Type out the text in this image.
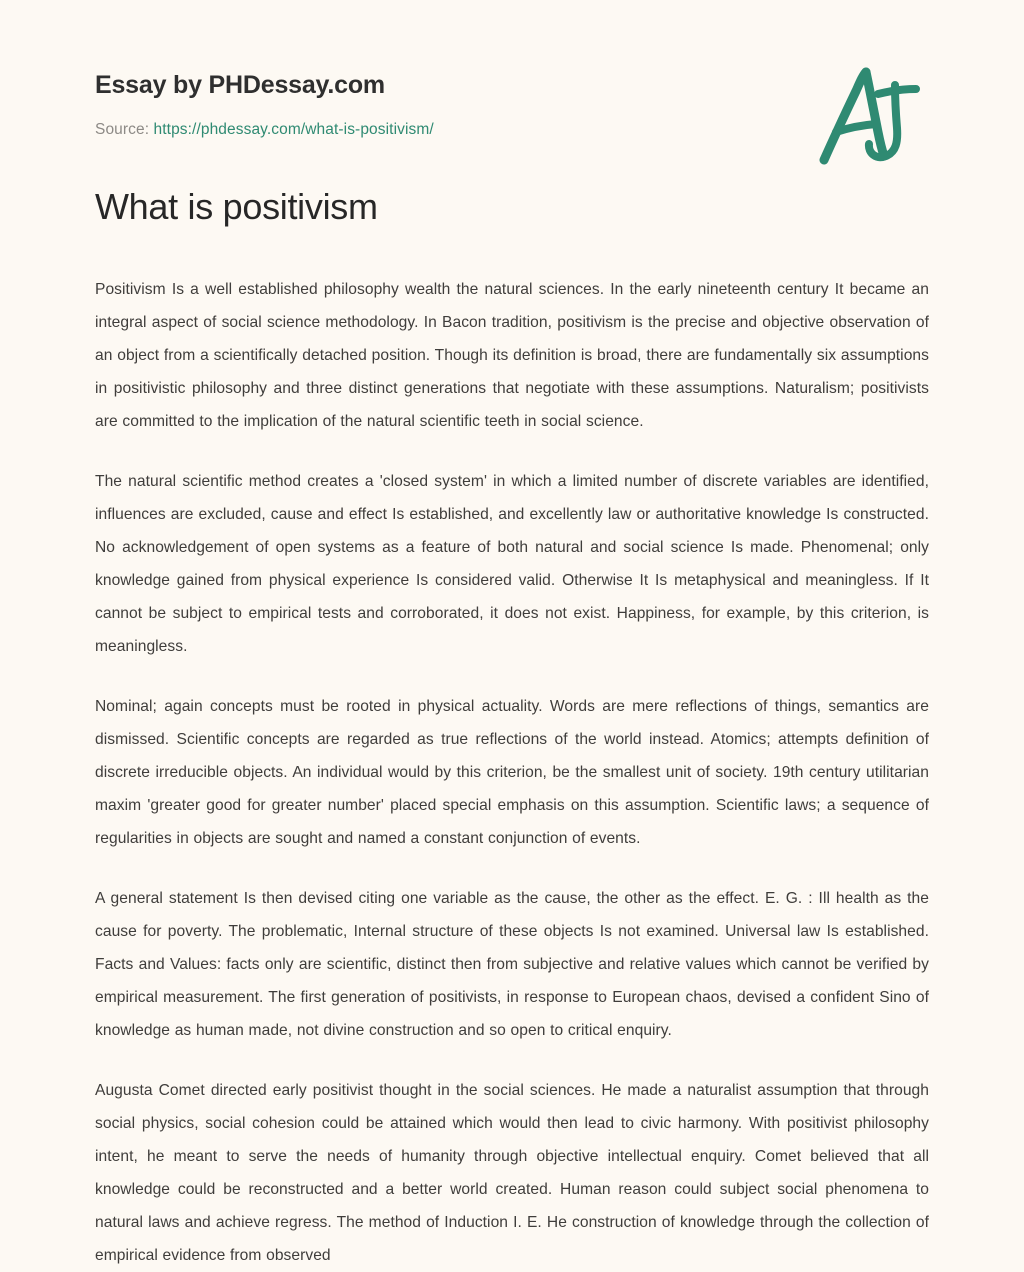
Essay by PHDessay.com
Source: https://phdessay.com/what-is-positivism/
What is positivism

Positivism Is a well established philosophy wealth the natural sciences. In the early nineteenth century It became an integral aspect of social science methodology. In Bacon tradition, positivism is the precise and objective observation of an object from a scientifically detached position. Though its definition is broad, there are fundamentally six assumptions in positivistic philosophy and three distinct generations that negotiate with these assumptions. Naturalism; positivists are committed to the implication of the natural scientific teeth in social science.

The natural scientific method creates a 'closed system' in which a limited number of discrete variables are identified, influences are excluded, cause and effect Is established, and excellently law or authoritative knowledge Is constructed. No acknowledgement of open systems as a feature of both natural and social science Is made. Phenomenal; only knowledge gained from physical experience Is considered valid. Otherwise It Is metaphysical and meaningless. If It cannot be subject to empirical tests and corroborated, it does not exist. Happiness, for example, by this criterion, is meaningless.

Nominal; again concepts must be rooted in physical actuality. Words are mere reflections of things, semantics are dismissed. Scientific concepts are regarded as true reflections of the world instead. Atomics; attempts definition of discrete irreducible objects. An individual would by this criterion, be the smallest unit of society. 19th century utilitarian maxim 'greater good for greater number' placed special emphasis on this assumption. Scientific laws; a sequence of regularities in objects are sought and named a constant conjunction of events.

A general statement Is then devised citing one variable as the cause, the other as the effect. E. G. : Ill health as the cause for poverty. The problematic, Internal structure of these objects Is not examined. Universal law Is established. Facts and Values: facts only are scientific, distinct then from subjective and relative values which cannot be verified by empirical measurement. The first generation of positivists, in response to European chaos, devised a confident Sino of knowledge as human made, not divine construction and so open to critical enquiry.

Augusta Comet directed early positivist thought in the social sciences. He made a naturalist assumption that through social physics, social cohesion could be attained which would then lead to civic harmony. With positivist philosophy intent, he meant to serve the needs of humanity through objective intellectual enquiry. Comet believed that all knowledge could be reconstructed and a better world created. Human reason could subject social phenomena to natural laws and achieve regress. The method of Induction I. E. He construction of knowledge through the collection of empirical evidence from observed
